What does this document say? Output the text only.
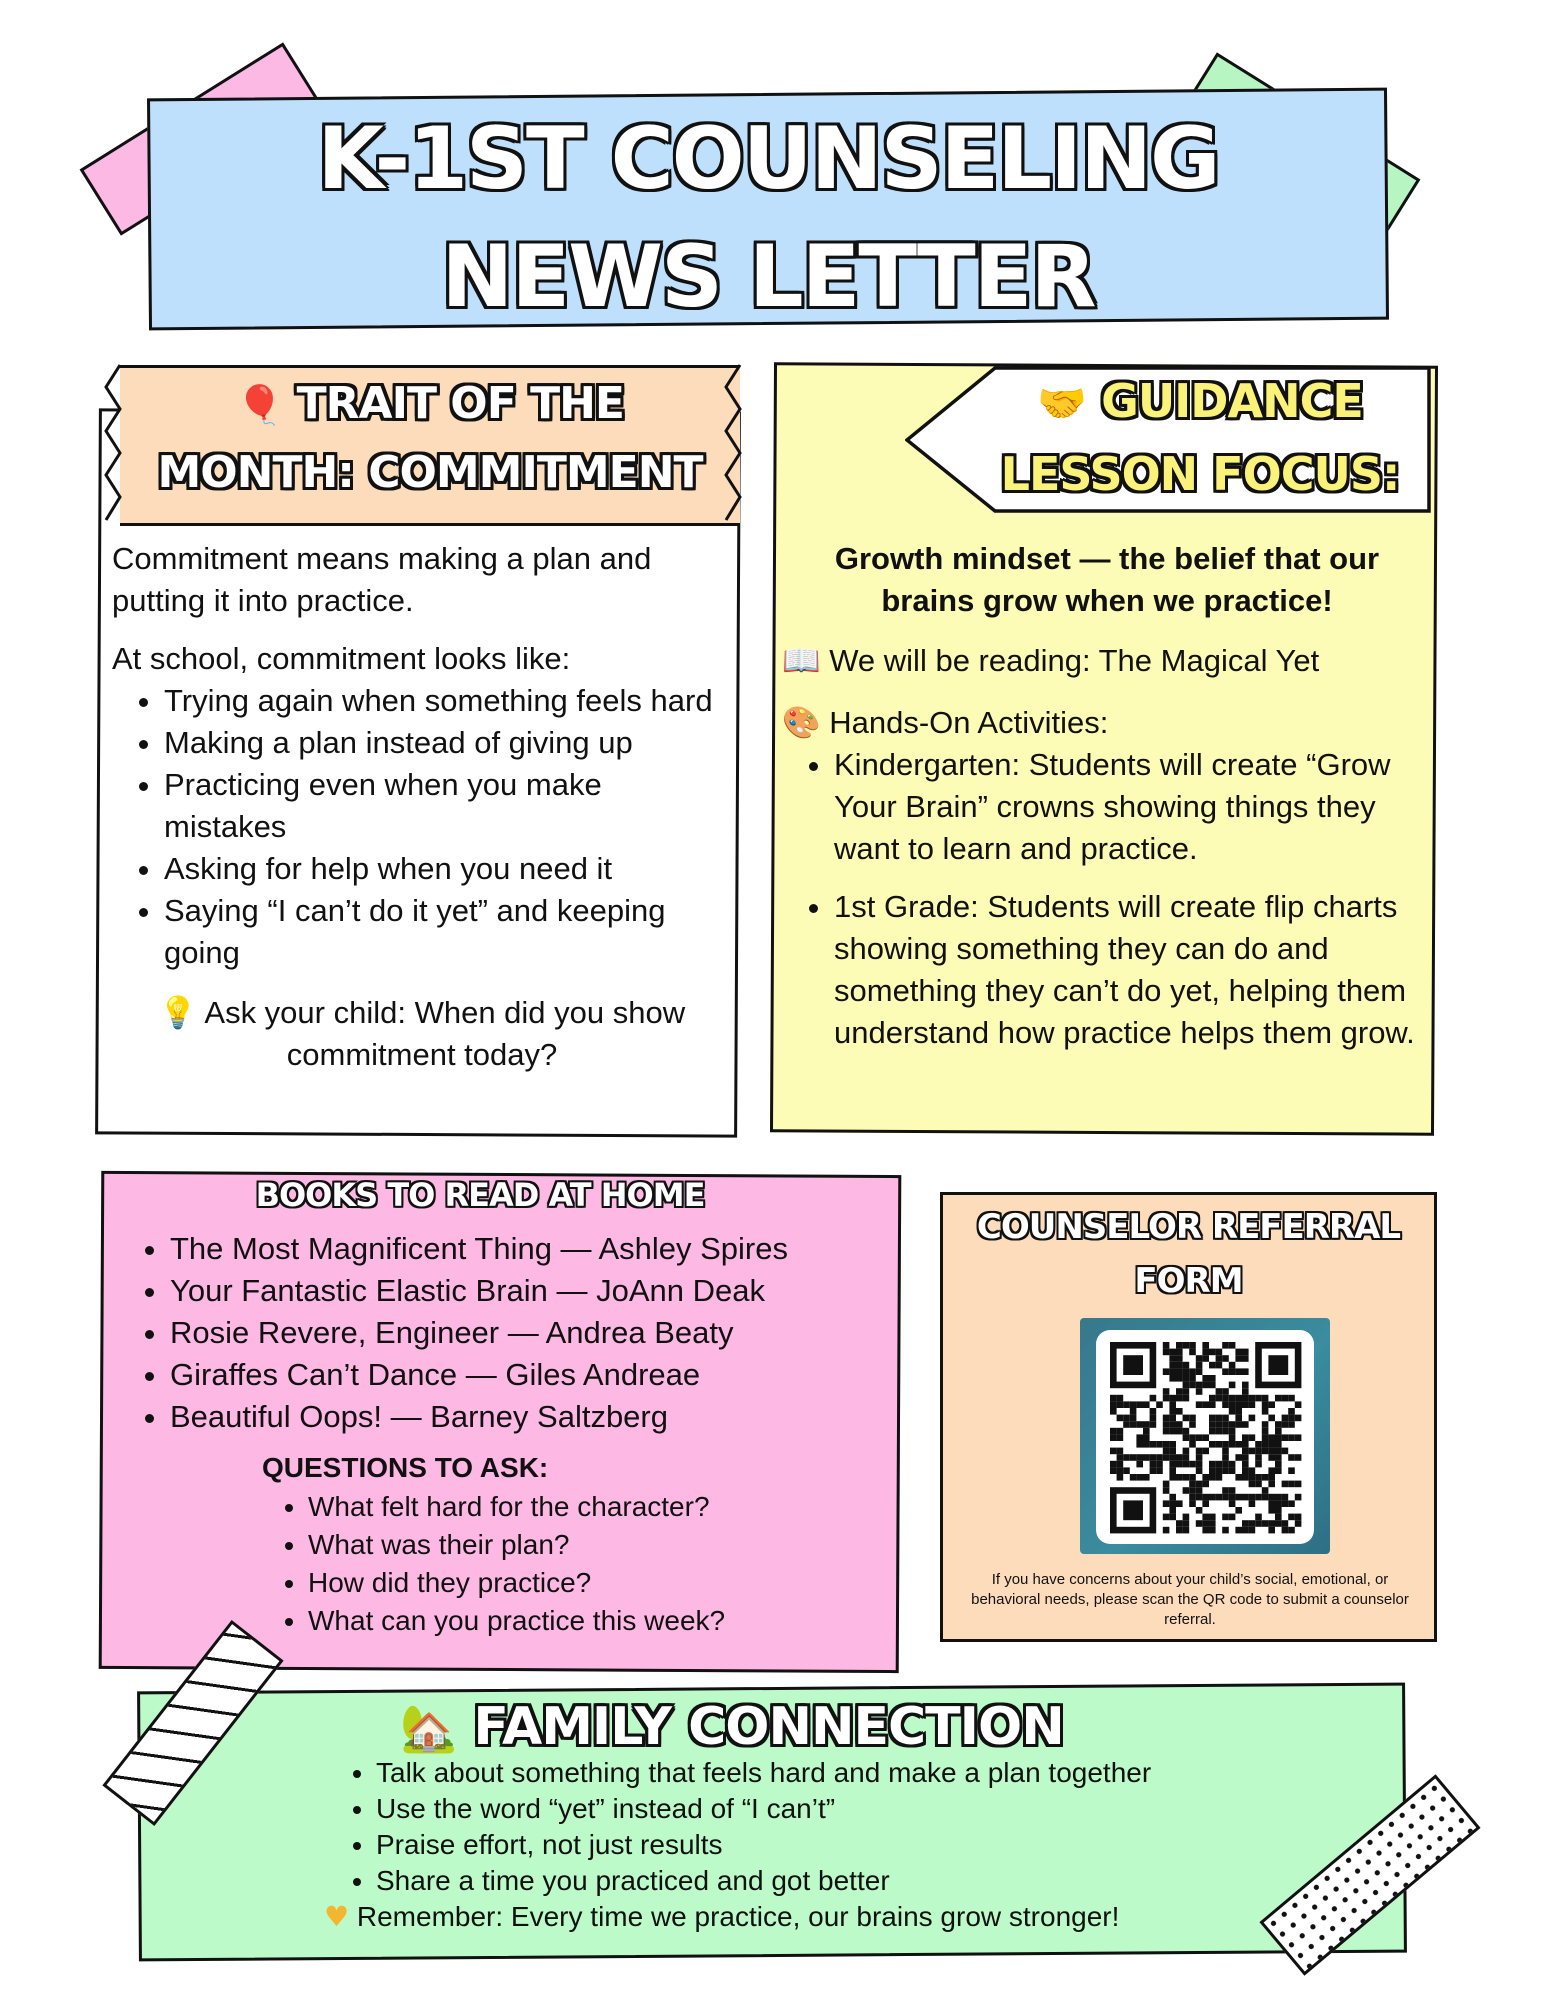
K-1ST COUNSELING
NEWS LETTER
🎈 TRAIT OF THE
MONTH: COMMITMENT

Commitment means making a plan and putting it into practice.

At school, commitment looks like:

• Trying again when something feels hard
• Making a plan instead of giving up
• Practicing even when you make mistakes
• Asking for help when you need it
• Saying “I can’t do it yet” and keeping going

💡 Ask your child: When did you show commitment today?

🤝 GUIDANCE
LESSON FOCUS:

Growth mindset — the belief that our brains grow when we practice!

📖 We will be reading: The Magical Yet

🎨 Hands-On Activities:

• Kindergarten: Students will create “Grow Your Brain” crowns showing things they want to learn and practice.
• 1st Grade: Students will create flip charts showing something they can do and something they can’t do yet, helping them understand how practice helps them grow.
BOOKS TO READ AT HOME
• The Most Magnificent Thing — Ashley Spires
• Your Fantastic Elastic Brain — JoAnn Deak
• Rosie Revere, Engineer — Andrea Beaty
• Giraffes Can’t Dance — Giles Andreae
• Beautiful Oops! — Barney Saltzberg
QUESTIONS TO ASK:
• What felt hard for the character?
• What was their plan?
• How did they practice?
• What can you practice this week?
COUNSELOR REFERRAL
FORM
If you have concerns about your child’s social, emotional, or behavioral needs, please scan the QR code to submit a counselor referral.
🏡 FAMILY CONNECTION
• Talk about something that feels hard and make a plan together
• Use the word “yet” instead of “I can’t”
• Praise effort, not just results
• Share a time you practiced and got better

♥ Remember: Every time we practice, our brains grow stronger!
